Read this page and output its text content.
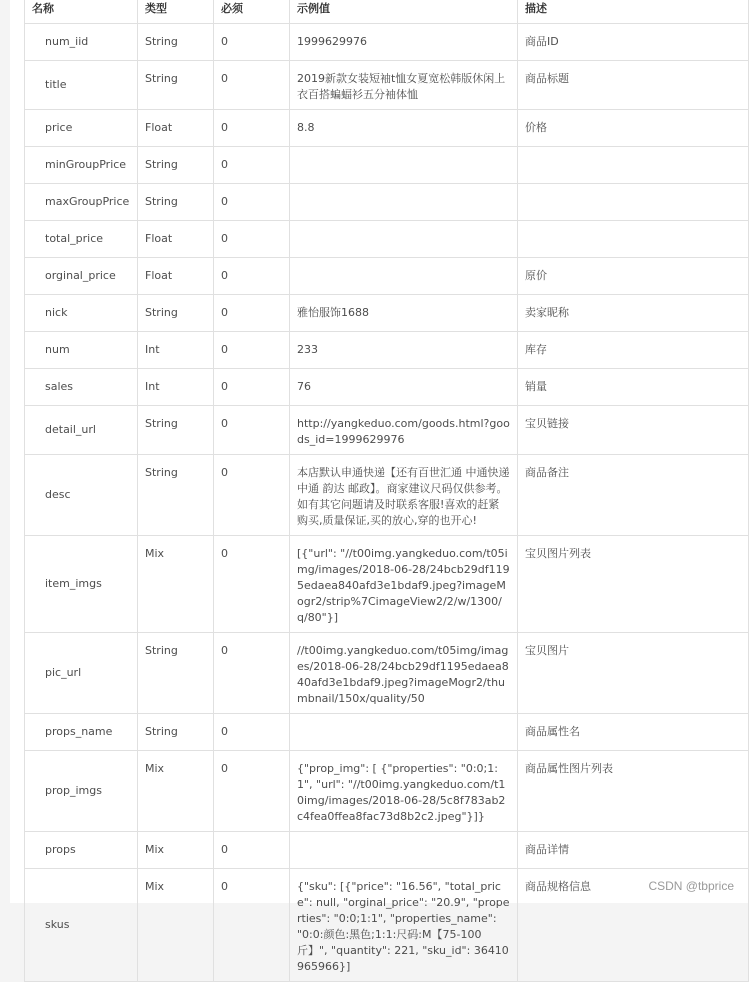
名称	类型	必须	示例值	描述
num_iid	String	0	1999629976	商品ID
title	String	0	2019新款女装短袖t恤女夏宽松韩版休闲上衣百搭蝙蝠衫五分袖体恤	商品标题
price	Float	0	8.8	价格
minGroupPrice	String	0		
maxGroupPrice	String	0		
total_price	Float	0		
orginal_price	Float	0		原价
nick	String	0	雅怡服饰1688	卖家昵称
num	Int	0	233	库存
sales	Int	0	76	销量
detail_url	String	0	http://yangkeduo.com/goods.html?goods_id=1999629976	宝贝链接
desc	String	0	本店默认申通快递【还有百世汇通 中通快递 中通 韵达 邮政】。商家建议尺码仅供参考。如有其它问题请及时联系客服!喜欢的赶紧购买,质量保证,买的放心,穿的也开心!	商品备注
item_imgs	Mix	0	[{"url": "//t00img.yangkeduo.com/t05img/images/2018-06-28/24bcb29df1195edaea840afd3e1bdaf9.jpeg?imageMogr2/strip%7CimageView2/2/w/1300/q/80"}]	宝贝图片列表
pic_url	String	0	//t00img.yangkeduo.com/t05img/images/2018-06-28/24bcb29df1195edaea840afd3e1bdaf9.jpeg?imageMogr2/thumbnail/150x/quality/50	宝贝图片
props_name	String	0		商品属性名
prop_imgs	Mix	0	{"prop_img": [ {"properties": "0:0;1:1", "url": "//t00img.yangkeduo.com/t10img/images/2018-06-28/5c8f783ab2c4fea0ffea8fac73d8b2c2.jpeg"}]}	商品属性图片列表
props	Mix	0		商品详情
skus	Mix	0	{"sku": [{"price": "16.56", "total_price": null, "orginal_price": "20.9", "properties": "0:0;1:1", "properties_name": "0:0:颜色:黑色;1:1:尺码:M【75-100斤】", "quantity": 221, "sku_id": 36410965966}]	商品规格信息	CSDN @tbprice
